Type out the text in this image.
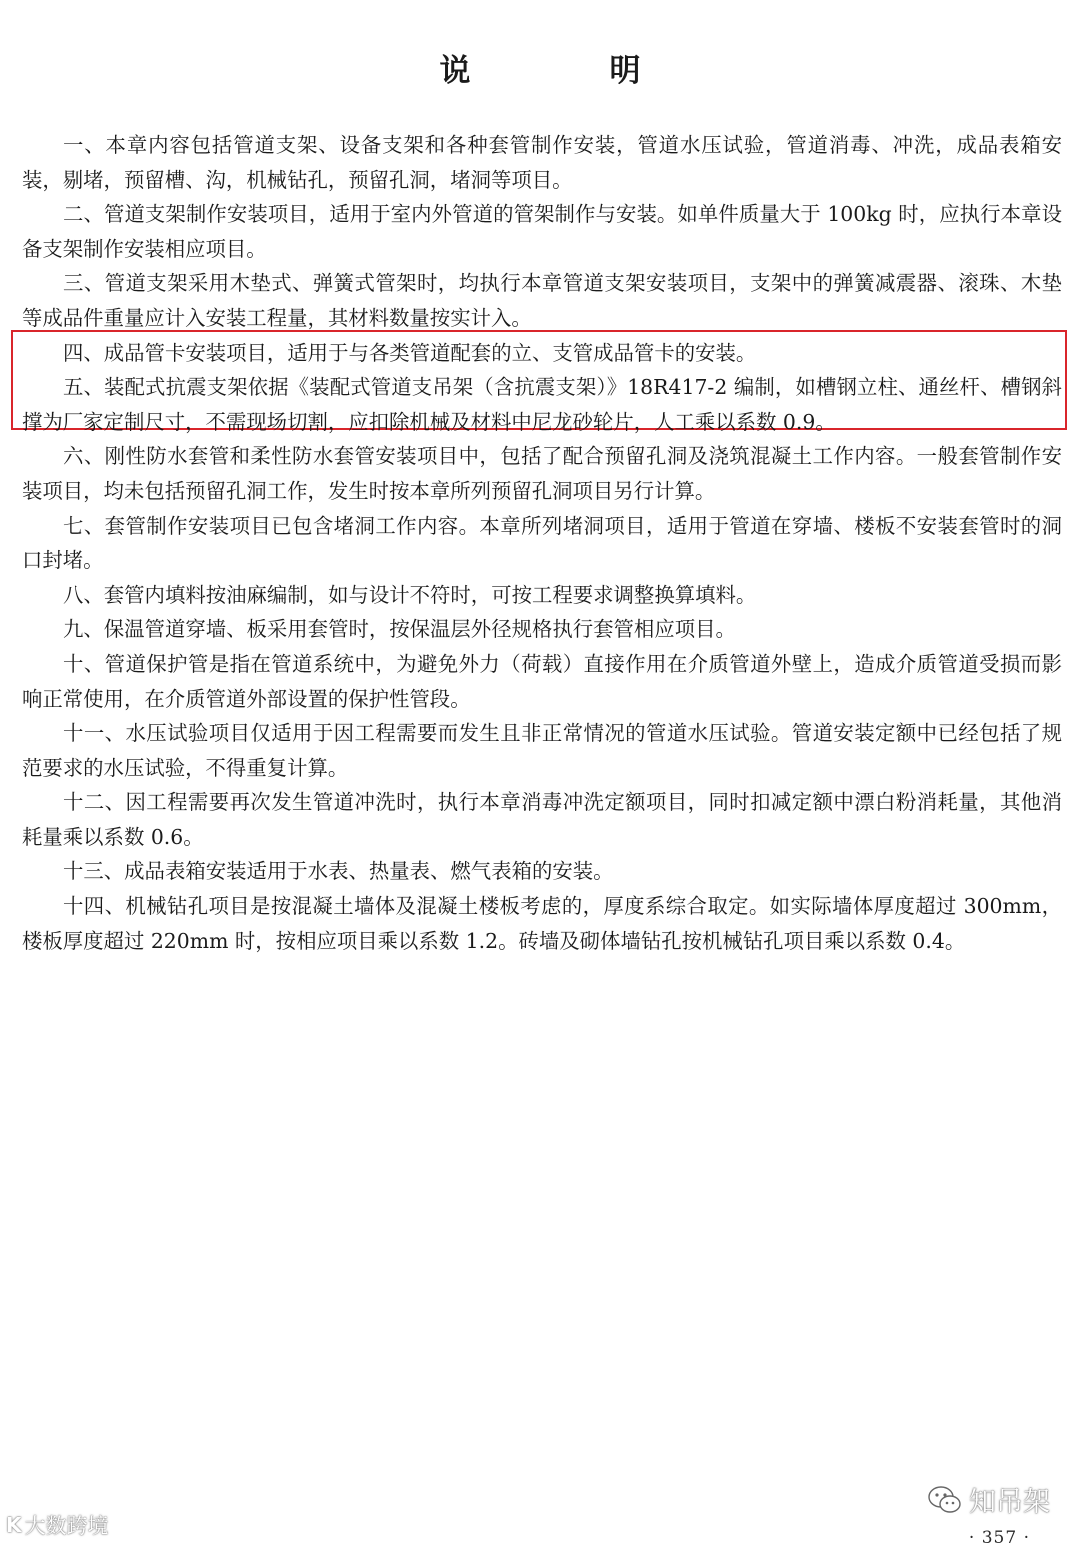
说　明

一、本章内容包括管道支架、设备支架和各种套管制作安装，管道水压试验，管道消毒、冲洗，成品表箱安装，剔堵，预留槽、沟，机械钻孔，预留孔洞，堵洞等项目。

二、管道支架制作安装项目，适用于室内外管道的管架制作与安装。如单件质量大于 100kg 时，应执行本章设备支架制作安装相应项目。

三、管道支架采用木垫式、弹簧式管架时，均执行本章管道支架安装项目，支架中的弹簧减震器、滚珠、木垫等成品件重量应计入安装工程量，其材料数量按实计入。

四、成品管卡安装项目，适用于与各类管道配套的立、支管成品管卡的安装。

五、装配式抗震支架依据《装配式管道支吊架（含抗震支架）》18R417-2 编制，如槽钢立柱、通丝杆、槽钢斜撑为厂家定制尺寸，不需现场切割，应扣除机械及材料中尼龙砂轮片，人工乘以系数 0.9。

六、刚性防水套管和柔性防水套管安装项目中，包括了配合预留孔洞及浇筑混凝土工作内容。一般套管制作安装项目，均未包括预留孔洞工作，发生时按本章所列预留孔洞项目另行计算。

七、套管制作安装项目已包含堵洞工作内容。本章所列堵洞项目，适用于管道在穿墙、楼板不安装套管时的洞口封堵。

八、套管内填料按油麻编制，如与设计不符时，可按工程要求调整换算填料。

九、保温管道穿墙、板采用套管时，按保温层外径规格执行套管相应项目。

十、管道保护管是指在管道系统中，为避免外力（荷载）直接作用在介质管道外壁上，造成介质管道受损而影响正常使用，在介质管道外部设置的保护性管段。

十一、水压试验项目仅适用于因工程需要而发生且非正常情况的管道水压试验。管道安装定额中已经包括了规范要求的水压试验，不得重复计算。

十二、因工程需要再次发生管道冲洗时，执行本章消毒冲洗定额项目，同时扣减定额中漂白粉消耗量，其他消耗量乘以系数 0.6。

十三、成品表箱安装适用于水表、热量表、燃气表箱的安装。

十四、机械钻孔项目是按混凝土墙体及混凝土楼板考虑的，厚度系综合取定。如实际墙体厚度超过 300mm，楼板厚度超过 220mm 时，按相应项目乘以系数 1.2。砖墙及砌体墙钻孔按机械钻孔项目乘以系数 0.4。

K 大数跨境
知吊架
· 357 ·
